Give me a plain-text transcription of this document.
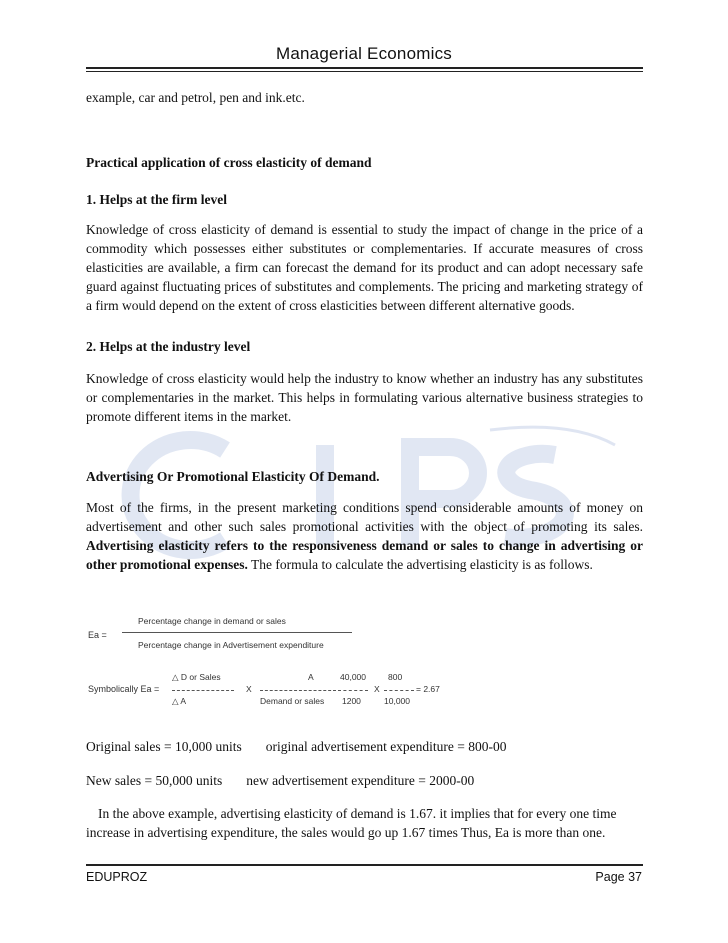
Managerial Economics
example, car and petrol, pen and ink.etc.
Practical application of cross elasticity of demand
1. Helps at the firm level
Knowledge of cross elasticity of demand is essential to study the impact of change in the price of a commodity which possesses either substitutes or complementaries. If accurate measures of cross elasticities are available, a firm can forecast the demand for its product and can adopt necessary safe guard against fluctuating prices of substitutes and complements. The pricing and marketing strategy of a firm would depend on the extent of cross elasticities between different alternative goods.
2. Helps at the industry level
Knowledge of cross elasticity would help the industry to know whether an industry has any substitutes or complementaries in the market. This helps in formulating various alternative business strategies to promote different items in the market.
Advertising Or Promotional Elasticity Of Demand.
Most of the firms, in the present marketing conditions spend considerable amounts of money on advertisement and other such sales promotional activities with the object of promoting its sales. Advertising elasticity refers to the responsiveness demand or sales to change in advertising or other promotional expenses. The formula to calculate the advertising elasticity is as follows.
Ea =
Percentage change in demand or sales
Percentage change in Advertisement expenditure
△ D or Sales
Symbolically Ea =	X
△ A
A
Demand or sales
40,000
1200
X
800
10,000
= 2.67
Original sales = 10,000 units original advertisement expenditure = 800-00
New sales = 50,000 units new advertisement expenditure = 2000-00
In the above example, advertising elasticity of demand is 1.67. it implies that for every one time increase in advertising expenditure, the sales would go up 1.67 times Thus, Ea is more than one.
EDUPROZ	Page 37
